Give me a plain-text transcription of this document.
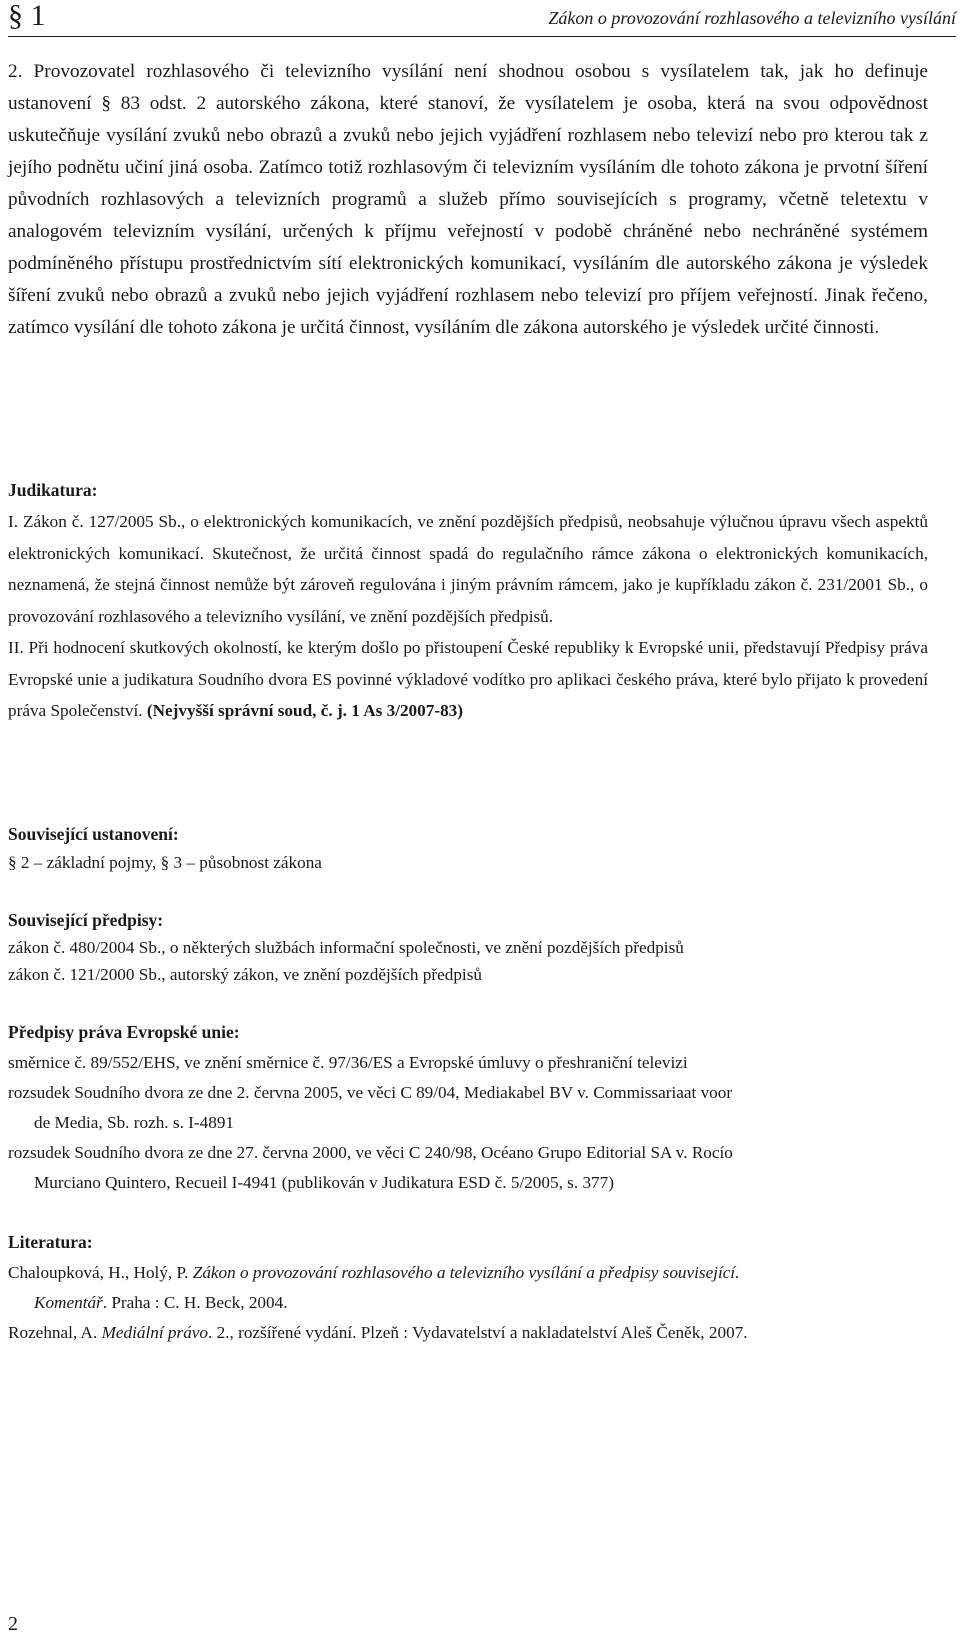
§ 1	Zákon o provozování rozhlasového a televizního vysílání

2. Provozovatel rozhlasového či televizního vysílání není shodnou osobou s vysílatelem tak, jak ho definuje ustanovení § 83 odst. 2 autorského zákona, které stanoví, že vysílatelem je osoba, která na svou odpovědnost uskutečňuje vysílání zvuků nebo obrazů a zvuků nebo jejich vyjádření rozhlasem nebo televizí nebo pro kterou tak z jejího podnětu učiní jiná osoba. Zatímco totiž rozhlasovým či televizním vysíláním dle tohoto zákona je prvotní šíření původních rozhlasových a televizních programů a služeb přímo souvisejících s programy, včetně teletextu v analogovém televizním vysílání, určených k příjmu veřejností v podobě chráněné nebo nechráněné systémem podmíněného přístupu prostřednictvím sítí elektronických komunikací, vysíláním dle autorského zákona je výsledek šíření zvuků nebo obrazů a zvuků nebo jejich vyjádření rozhlasem nebo televizí pro příjem veřejností. Jinak řečeno, zatímco vysílání dle tohoto zákona je určitá činnost, vysíláním dle zákona autorského je výsledek určité činnosti.

Judikatura:

I. Zákon č. 127/2005 Sb., o elektronických komunikacích, ve znění pozdějších předpisů, neobsahuje výlučnou úpravu všech aspektů elektronických komunikací. Skutečnost, že určitá činnost spadá do regulačního rámce zákona o elektronických komunikacích, neznamená, že stejná činnost nemůže být zároveň regulována i jiným právním rámcem, jako je kupříkladu zákon č. 231/2001 Sb., o provozování rozhlasového a televizního vysílání, ve znění pozdějších předpisů.

II. Při hodnocení skutkových okolností, ke kterým došlo po přistoupení České republiky k Evropské unii, představují Předpisy práva Evropské unie a judikatura Soudního dvora ES povinné výkladové vodítko pro aplikaci českého práva, které bylo přijato k provedení práva Společenství. (Nejvyšší správní soud, č. j. 1 As 3/2007-83)

Související ustanovení:
§ 2 – základní pojmy, § 3 – působnost zákona
Související předpisy:
zákon č. 480/2004 Sb., o některých službách informační společnosti, ve znění pozdějších předpisů
zákon č. 121/2000 Sb., autorský zákon, ve znění pozdějších předpisů
Předpisy práva Evropské unie:
směrnice č. 89/552/EHS, ve znění směrnice č. 97/36/ES a Evropské úmluvy o přeshraniční televizi
rozsudek Soudního dvora ze dne 2. června 2005, ve věci C 89/04, Mediakabel BV v. Commissariaat voor
de Media, Sb. rozh. s. I-4891
rozsudek Soudního dvora ze dne 27. června 2000, ve věci C 240/98, Océano Grupo Editorial SA v. Rocío
Murciano Quintero, Recueil I-4941 (publikován v Judikatura ESD č. 5/2005, s. 377)
Literatura:
Chaloupková, H., Holý, P. Zákon o provozování rozhlasového a televizního vysílání a předpisy související.
Komentář. Praha : C. H. Beck, 2004.
Rozehnal, A. Mediální právo. 2., rozšířené vydání. Plzeň : Vydavatelství a nakladatelství Aleš Čeněk, 2007.
2
